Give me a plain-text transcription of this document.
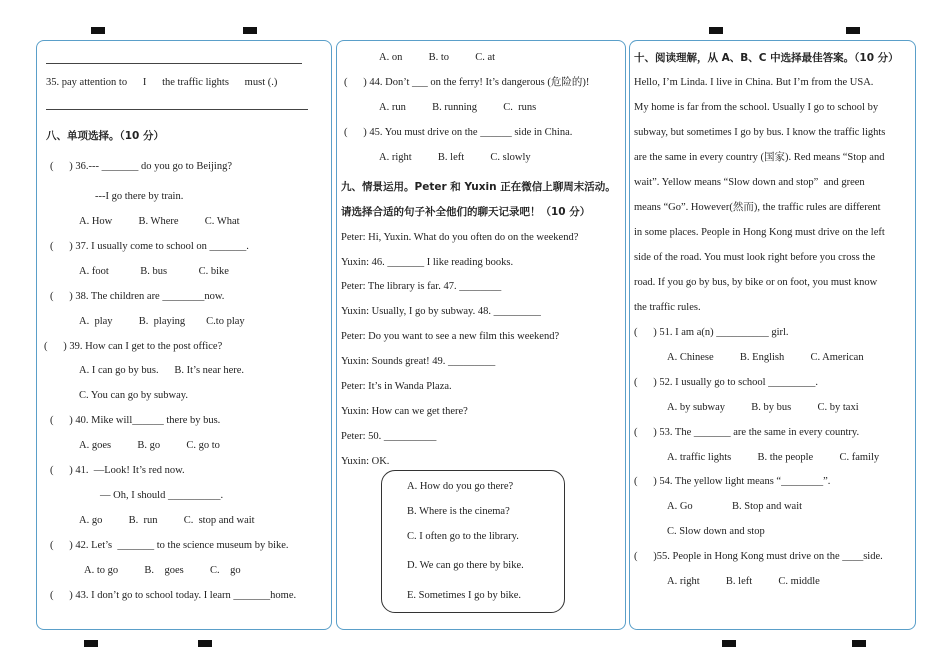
35. pay attention to      I      the traffic lights      must (.)
八、单项选择。（10 分）
(      ) 36.--- _______ do you go to Beijing?
---I go there by train.
A. How          B. Where          C. What
(      ) 37. I usually come to school on _______.
A. foot            B. bus            C. bike
(      ) 38. The children are ________now.
A.  play          B.  playing        C.to play
(      ) 39. How can I get to the post office?
A. I can go by bus.      B. It’s near here.
C. You can go by subway.
(      ) 40. Mike will______ there by bus.
A. goes          B. go          C. go to
(      ) 41.  —Look! It’s red now.
— Oh, I should __________.
A. go          B.  run          C.  stop and wait
(      ) 42. Let’s  _______ to the science museum by bike.
A. to go          B.    goes          C.    go
(      ) 43. I don’t go to school today. I learn _______home.
A. on          B. to          C. at
(      ) 44. Don’t ___ on the ferry! It’s dangerous (危险的)!
A. run          B. running          C.  runs
(      ) 45. You must drive on the ______ side in China.
A. right          B. left          C. slowly
九、情景运用。Peter 和 Yuxin 正在微信上聊周末活动。
请选择合适的句子补全他们的聊天记录吧！（10 分）
Peter: Hi, Yuxin. What do you often do on the weekend?
Yuxin: 46. _______ I like reading books.
Peter: The library is far. 47. ________
Yuxin: Usually, I go by subway. 48. _________
Peter: Do you want to see a new film this weekend?
Yuxin: Sounds great! 49. _________
Peter: It’s in Wanda Plaza.
Yuxin: How can we get there?
Peter: 50. __________
Yuxin: OK.
A. How do you go there?
B. Where is the cinema?
C. I often go to the library.
D. We can go there by bike.
E. Sometimes I go by bike.
十、阅读理解，从 A、B、C 中选择最佳答案。（10 分）
Hello, I’m Linda. I live in China. But I’m from the USA.
My home is far from the school. Usually I go to school by
subway, but sometimes I go by bus. I know the traffic lights
are the same in every country (国家). Red means “Stop and
wait”. Yellow means “Slow down and stop”  and green
means “Go”. However(然而), the traffic rules are different
in some places. People in Hong Kong must drive on the left
side of the road. You must look right before you cross the
road. If you go by bus, by bike or on foot, you must know
the traffic rules.
(      ) 51. I am a(n) __________ girl.
A. Chinese          B. English          C. American
(      ) 52. I usually go to school _________.
A. by subway          B. by bus          C. by taxi
(      ) 53. The _______ are the same in every country.
A. traffic lights          B. the people          C. family
(      ) 54. The yellow light means “________”.
A. Go               B. Stop and wait
C. Slow down and stop
(      )55. People in Hong Kong must drive on the ____side.
A. right          B. left          C. middle
